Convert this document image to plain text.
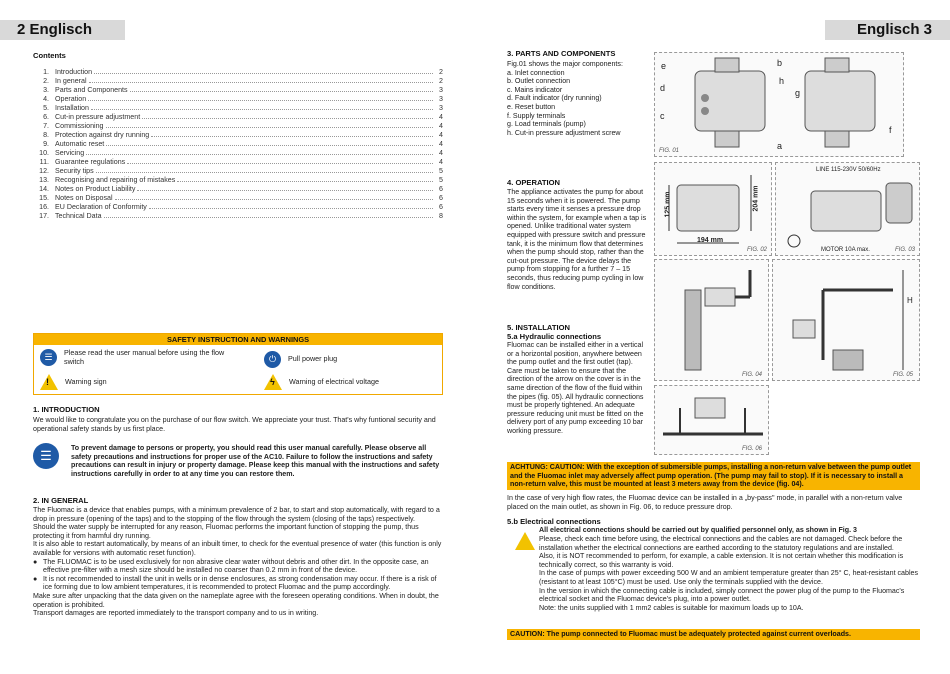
2 Englisch
Contents
1. Introduction	2
2. In general	2
3. Parts and Components	3
4. Operation	3
5. Installation	3
6. Cut-in pressure adjustment	4
7. Commissioning	4
8. Protection against dry running	4
9. Automatic reset	4
10. Servicing	4
11. Guarantee regulations	4
12. Security tips	5
13. Recognising and repairing of mistakes	5
14. Notes on Product Liability	6
15. Notes on Disposal	6
16. EU Declaration of Conformity	6
17. Technical Data	8
SAFETY INSTRUCTION AND WARNINGS
☰	Please read the user manual before using the flow switch	⏻	Pull power plug
! Warning sign	ϟ Warning of electrical voltage
1. INTRODUCTION
We would like to congratulate you on the purchase of our flow switch. We appreciate your trust. That's why funtional security and operational safety stands by us first place.
☰	To prevent damage to persons or property, you should read this user manual carefully. Please observe all safety precautions and instructions for proper use of the AC10. Failure to follow the instructions and safety precautions can result in injury or property damage. Please keep this manual with the instructions and safety instructions carefully in order to at any time you can restore them.
2. IN GENERAL
The Fluomac is a device that enables pumps, with a minimum prevalence of 2 bar, to start and stop automatically, with regard to a drop in pressure (opening of the taps) and to the stopping of the flow through the system (closing of the taps) respectively.
Should the water supply be interrupted for any reason, Fluomac performs the important function of stopping the pump, thus protecting it from harmful dry running.
It is also able to restart automatically, by means of an inbuilt timer, to check for the eventual presence of water (this function is only available for versions with automatic reset function).
● The FLUOMAC is to be used exclusively for non abrasive clear water without debris and other dirt. In the opposite case, an effective pre-filter with a mesh size should be installed no coarser than 0.2 mm in front of the device.
● It is not recommended to install the unit in wells or in dense enclosures, as strong condensation may occur. If there is a risk of ice forming due to low ambient temperatures, it is recommended to protect Fluomac and the pump accordingly.
Make sure after unpacking that the data given on the nameplate agree with the foreseen operating conditions. When in doubt, the operation is prohibited.
Transport damages are reported immediately to the transport company and to us in writing.
Englisch 3
3. PARTS AND COMPONENTS
Fig.01 shows the major components:
a. Inlet connection
b. Outlet connection
c. Mains indicator
d. Fault indicator (dry running)
e. Reset button
f. Supply terminals
g. Load terminals (pump)
h. Cut-in pressure adjustment screw
e	b
h
d	g
c
f
a
FIG. 01
4. OPERATION
The appliance activates the pump for about 15 seconds when it is powered. The pump starts every time it senses a pressure drop within the system, for example when a tap is opened. Unlike traditional water system equipped with pressure switch and pressure tank, it is the minimum flow that determines when the pump should stop, rather than the cut-out pressure. The device delays the pump from stopping for a further 7 – 15 seconds, thus reducing pump cycling in low flow conditions.
125 mm	204 mm
194 mm
FIG. 02
LINE 115-230V 50/60Hz
MOTOR 10A max.	FIG. 03
5. INSTALLATION
5.a Hydraulic connections
Fluomac can be installed either in a vertical or a horizontal position, anywhere between the pump outlet and the first outlet (tap). Care must be taken to ensure that the direction of the arrow on the cover is in the same direction of the flow of the fluid within the pipes (fig. 05). All hydraulic connections must be properly tightened. An adequate pressure reducing unit must be fitted on the delivery port of any pump exceeding 10 bar working pressure.
FIG. 04
H
FIG. 05
FIG. 06
ACHTUNG: CAUTION: With the exception of submersible pumps, installing a non-return valve between the pump outlet and the Fluomac inlet may adversely affect pump operation. (The pump may fail to stop). If it is necessary to install a non-return valve, this must be mounted at least 3 meters away from the device (fig. 04).
In the case of very high flow rates, the Fluomac device can be installed in a „by-pass" mode, in parallel with a non-return valve placed on the main outlet, as shown in Fig. 06, to reduce pressure drop.
5.b Electrical connections
All electrical connections should be carried out by qualified personnel only, as shown in Fig. 3
Please, check each time before using, the electrical connections and the cables are not damaged. Check before the installation whether the electrical connections are earthed according to the statutory regulations and are installed.
Also, it is NOT recommended to perform, for example, a cable extension. It is not certain whether this modification is technically correct, so this warranty is void.
In the case of pumps with power exceeding 500 W and an ambient temperature greater than 25° C, heat-resistant cables (resistant to at least 105°C) must be used. Use only the terminals supplied with the device.
In the version in which the connecting cable is included, simply connect the power plug of the pump to the Fluomac's electrical socket and the Fluomac device's plug, into a power outlet.
Note: the units supplied with 1 mm2 cables is suitable for maximum loads up to 10A.
CAUTION: The pump connected to Fluomac must be adequately protected against current overloads.
